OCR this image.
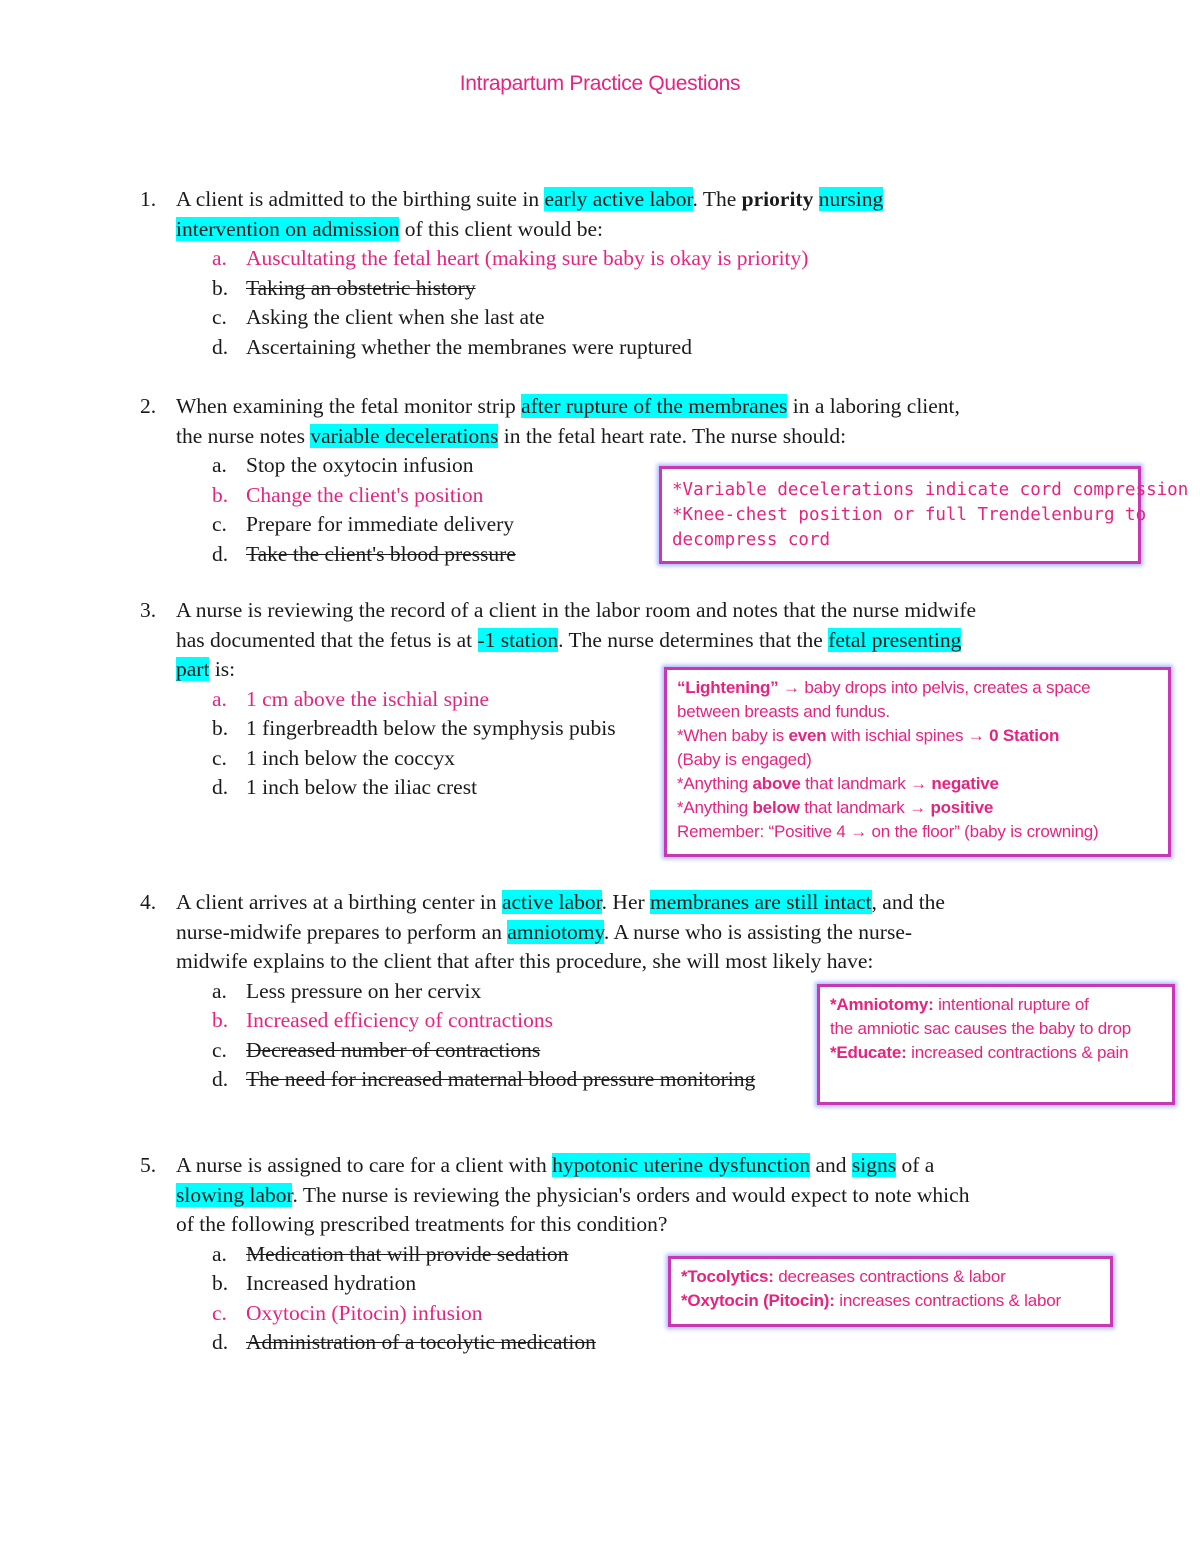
Intrapartum Practice Questions
1. A client is admitted to the birthing suite in early active labor. The priority nursing
intervention on admission of this client would be:
a. Auscultating the fetal heart (making sure baby is okay is priority)
b. Taking an obstetric history
c. Asking the client when she last ate
d. Ascertaining whether the membranes were ruptured
2. When examining the fetal monitor strip after rupture of the membranes in a laboring client,
the nurse notes variable decelerations in the fetal heart rate. The nurse should:
a. Stop the oxytocin infusion
b. Change the client's position
c. Prepare for immediate delivery
d. Take the client's blood pressure
*Variable decelerations indicate cord compression
*Knee-chest position or full Trendelenburg to
decompress cord
3. A nurse is reviewing the record of a client in the labor room and notes that the nurse midwife
has documented that the fetus is at -1 station. The nurse determines that the fetal presenting
part is:
a. 1 cm above the ischial spine
b. 1 fingerbreadth below the symphysis pubis
c. 1 inch below the coccyx
d. 1 inch below the iliac crest
“Lightening” → baby drops into pelvis, creates a space
between breasts and fundus.
*When baby is even with ischial spines → 0 Station
(Baby is engaged)
*Anything above that landmark → negative
*Anything below that landmark → positive
Remember: “Positive 4 → on the floor” (baby is crowning)
4. A client arrives at a birthing center in active labor. Her membranes are still intact, and the
nurse-midwife prepares to perform an amniotomy. A nurse who is assisting the nurse-
midwife explains to the client that after this procedure, she will most likely have:
a. Less pressure on her cervix
b. Increased efficiency of contractions
c. Decreased number of contractions
d. The need for increased maternal blood pressure monitoring
*Amniotomy: intentional rupture of
the amniotic sac causes the baby to drop
*Educate: increased contractions & pain
5. A nurse is assigned to care for a client with hypotonic uterine dysfunction and signs of a
slowing labor. The nurse is reviewing the physician's orders and would expect to note which
of the following prescribed treatments for this condition?
a. Medication that will provide sedation
b. Increased hydration
c. Oxytocin (Pitocin) infusion
d. Administration of a tocolytic medication
*Tocolytics: decreases contractions & labor
*Oxytocin (Pitocin): increases contractions & labor
